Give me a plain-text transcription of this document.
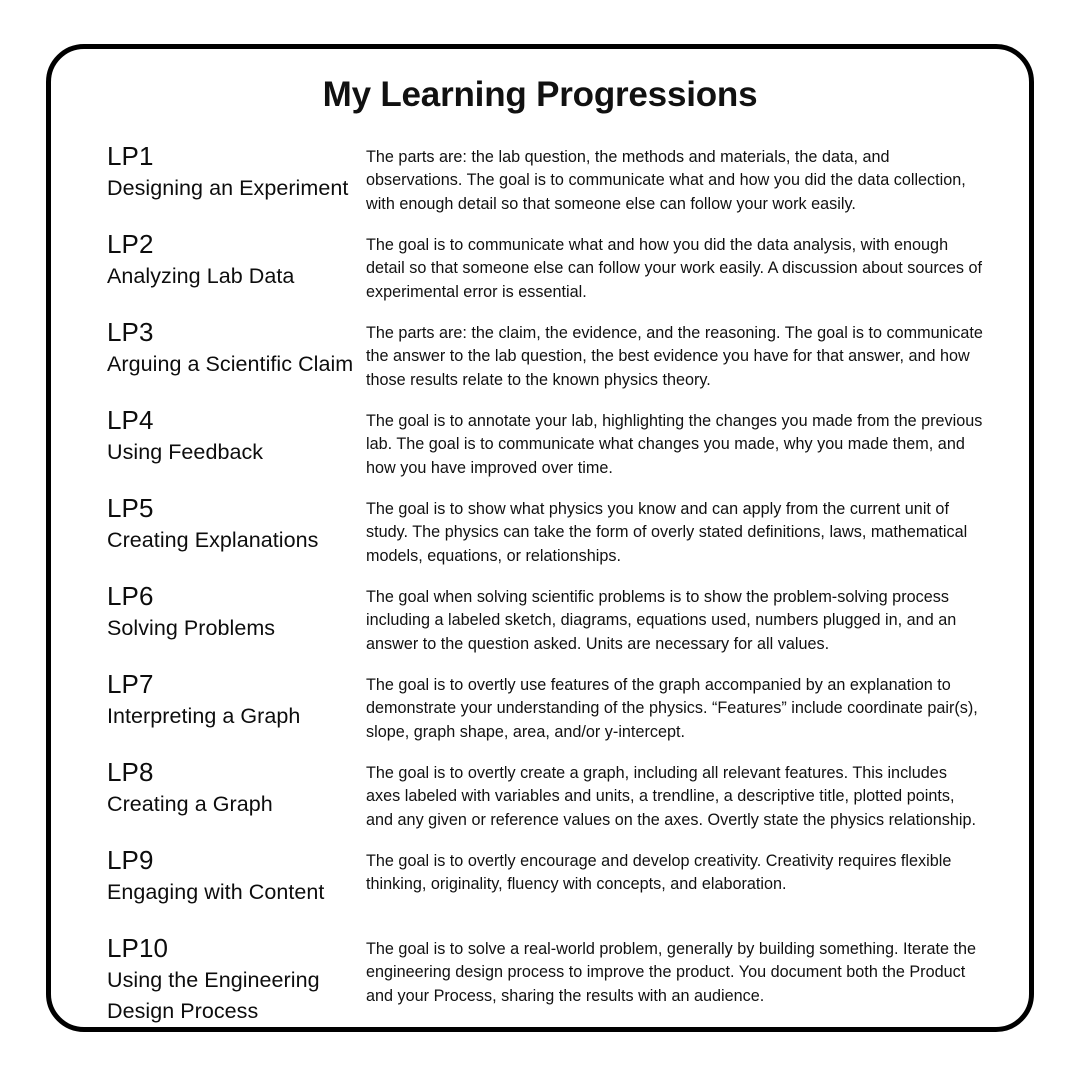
My Learning Progressions
LP1
Designing an Experiment
The parts are: the lab question, the methods and materials, the data, and observations. The goal is to communicate what and how you did the data collection, with enough detail so that someone else can follow your work easily.
LP2
Analyzing Lab Data
The goal is to communicate what and how you did the data analysis, with enough detail so that someone else can follow your work easily. A discussion about sources of experimental error is essential.
LP3
Arguing a Scientific Claim
The parts are: the claim, the evidence, and the reasoning. The goal is to communicate the answer to the lab question, the best evidence you have for that answer, and how those results relate to the known physics theory.
LP4
Using Feedback
The goal is to annotate your lab, highlighting the changes you made from the previous lab. The goal is to communicate what changes you made, why you made them, and how you have improved over time.
LP5
Creating Explanations
The goal is to show what physics you know and can apply from the current unit of study. The physics can take the form of overly stated definitions, laws, mathematical models, equations, or relationships.
LP6
Solving Problems
The goal when solving scientific problems is to show the problem-solving process including a labeled sketch, diagrams, equations used, numbers plugged in, and an answer to the question asked. Units are necessary for all values.
LP7
Interpreting a Graph
The goal is to overtly use features of the graph accompanied by an explanation to demonstrate your understanding of the physics. “Features” include coordinate pair(s), slope, graph shape, area, and/or y-intercept.
LP8
Creating a Graph
The goal is to overtly create a graph, including all relevant features. This includes axes labeled with variables and units, a trendline, a descriptive title, plotted points, and any given or reference values on the axes. Overtly state the physics relationship.
LP9
Engaging with Content
The goal is to overtly encourage and develop creativity. Creativity requires flexible thinking, originality, fluency with concepts, and elaboration.
LP10
Using the Engineering Design Process
The goal is to solve a real-world problem, generally by building something. Iterate the engineering design process to improve the product. You document both the Product and your Process, sharing the results with an audience.
